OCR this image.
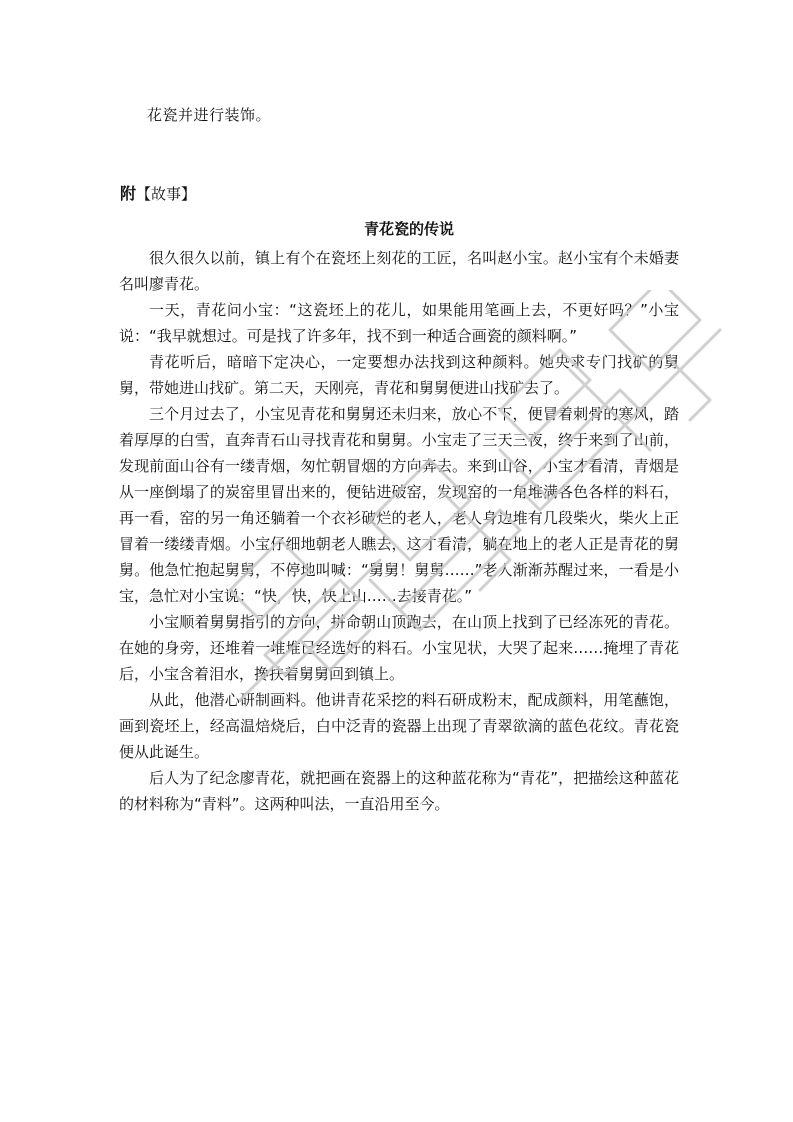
花瓷并进行装饰。
附【故事】
青花瓷的传说

很久很久以前，镇上有个在瓷坯上刻花的工匠，名叫赵小宝。赵小宝有个未婚妻名叫廖青花。

一天，青花问小宝：“这瓷坯上的花儿，如果能用笔画上去，不更好吗？”小宝说：“我早就想过。可是找了许多年，找不到一种适合画瓷的颜料啊。”

青花听后，暗暗下定决心，一定要想办法找到这种颜料。她央求专门找矿的舅舅，带她进山找矿。第二天，天刚亮，青花和舅舅便进山找矿去了。

三个月过去了，小宝见青花和舅舅还未归来，放心不下，便冒着刺骨的寒风，踏着厚厚的白雪，直奔青石山寻找青花和舅舅。小宝走了三天三夜，终于来到了山前，发现前面山谷有一缕青烟，匆忙朝冒烟的方向奔去。来到山谷，小宝才看清，青烟是从一座倒塌了的炭窑里冒出来的，便钻进破窑，发现窑的一角堆满各色各样的料石，再一看，窑的另一角还躺着一个衣衫破烂的老人，老人身边堆有几段柴火，柴火上正冒着一缕缕青烟。小宝仔细地朝老人瞧去，这才看清，躺在地上的老人正是青花的舅舅。他急忙抱起舅舅，不停地叫喊：“舅舅！舅舅……”老人渐渐苏醒过来，一看是小宝，急忙对小宝说：“快，快，快上山……去接青花。”

小宝顺着舅舅指引的方向，拼命朝山顶跑去，在山顶上找到了已经冻死的青花。在她的身旁，还堆着一堆堆已经选好的料石。小宝见状，大哭了起来……掩埋了青花后，小宝含着泪水，搀扶着舅舅回到镇上。

从此，他潜心研制画料。他讲青花采挖的料石研成粉末，配成颜料，用笔蘸饱，画到瓷坯上，经高温焙烧后，白中泛青的瓷器上出现了青翠欲滴的蓝色花纹。青花瓷便从此诞生。

后人为了纪念廖青花，就把画在瓷器上的这种蓝花称为“青花”，把描绘这种蓝花的材料称为“青料”。这两种叫法，一直沿用至今。
